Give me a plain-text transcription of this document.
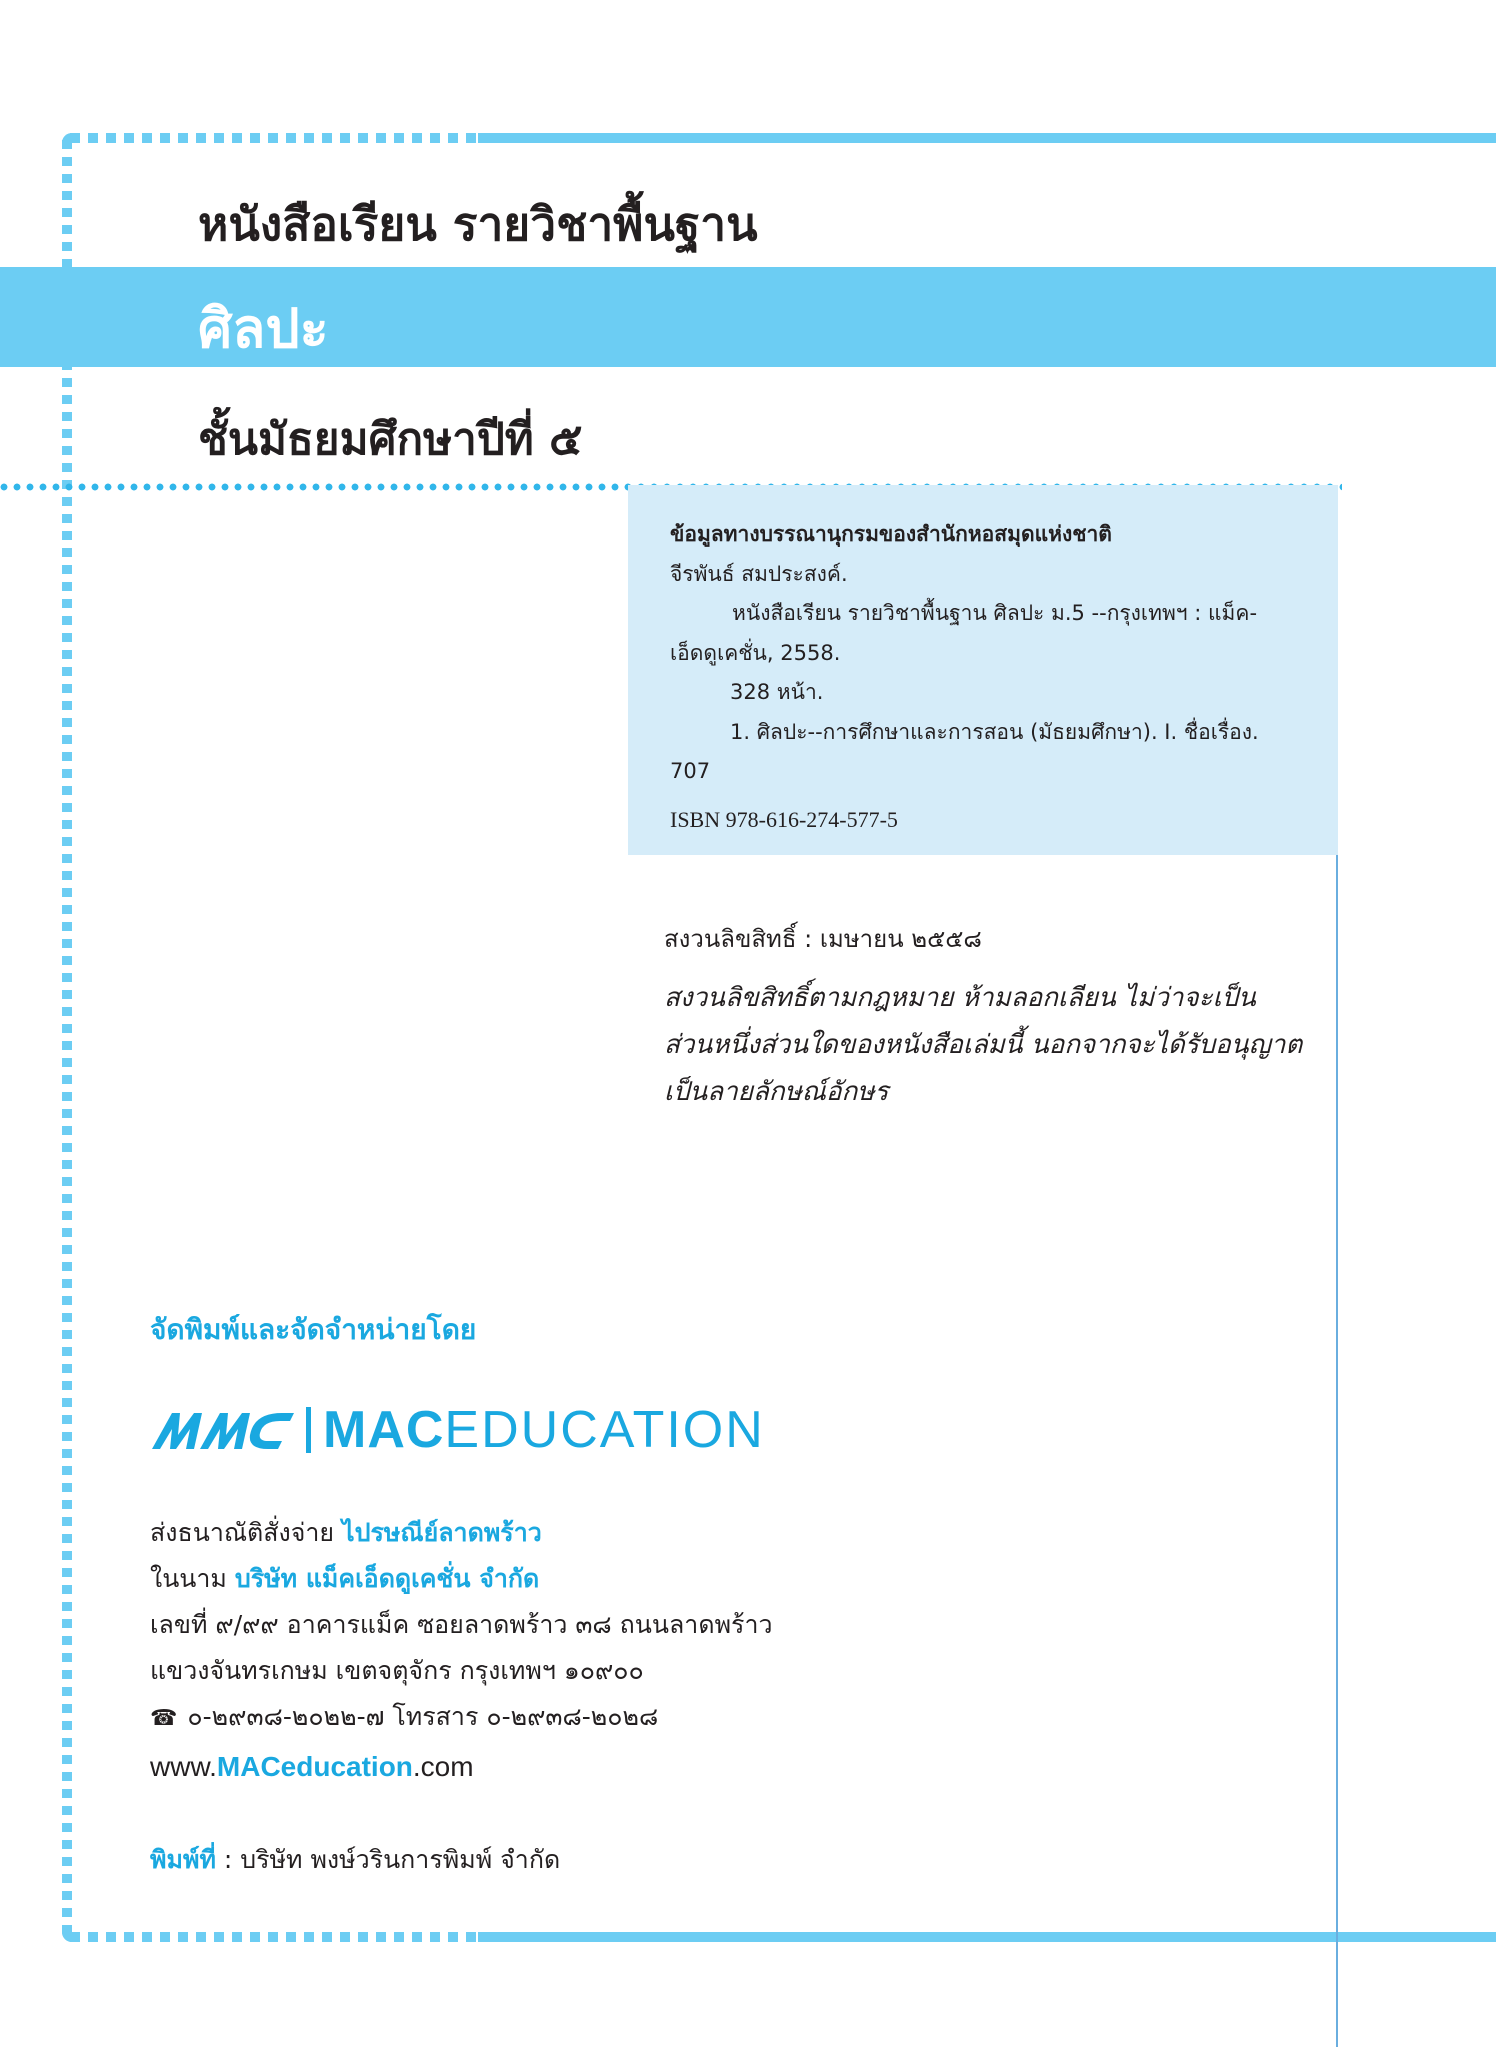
หนังสือเรียน รายวิชาพื้นฐาน
ศิลปะ
ชั้นมัธยมศึกษาปีที่ ๕
ข้อมูลทางบรรณานุกรมของสำนักหอสมุดแห่งชาติ
จีรพันธ์ สมประสงค์.
หนังสือเรียน รายวิชาพื้นฐาน ศิลปะ ม.5 --กรุงเทพฯ : แม็ค-
เอ็ดดูเคชั่น, 2558.
328 หน้า.
1. ศิลปะ--การศึกษาและการสอน (มัธยมศึกษา). I. ชื่อเรื่อง.
707
ISBN 978-616-274-577-5
สงวนลิขสิทธิ์ : เมษายน ๒๕๕๘
สงวนลิขสิทธิ์ตามกฎหมาย ห้ามลอกเลียน ไม่ว่าจะเป็น
ส่วนหนึ่งส่วนใดของหนังสือเล่มนี้ นอกจากจะได้รับอนุญาต
เป็นลายลักษณ์อักษร
จัดพิมพ์และจัดจำหน่ายโดย
MAC EDUCATION
ส่งธนาณัติสั่งจ่าย ไปรษณีย์ลาดพร้าว
ในนาม บริษัท แม็คเอ็ดดูเคชั่น จำกัด
เลขที่ ๙/๙๙ อาคารแม็ค ซอยลาดพร้าว ๓๘ ถนนลาดพร้าว
แขวงจันทรเกษม เขตจตุจักร กรุงเทพฯ ๑๐๙๐๐
☎ ๐-๒๙๓๘-๒๐๒๒-๗ โทรสาร ๐-๒๙๓๘-๒๐๒๘
www.MACeducation.com
พิมพ์ที่ : บริษัท พงษ์วรินการพิมพ์ จำกัด
